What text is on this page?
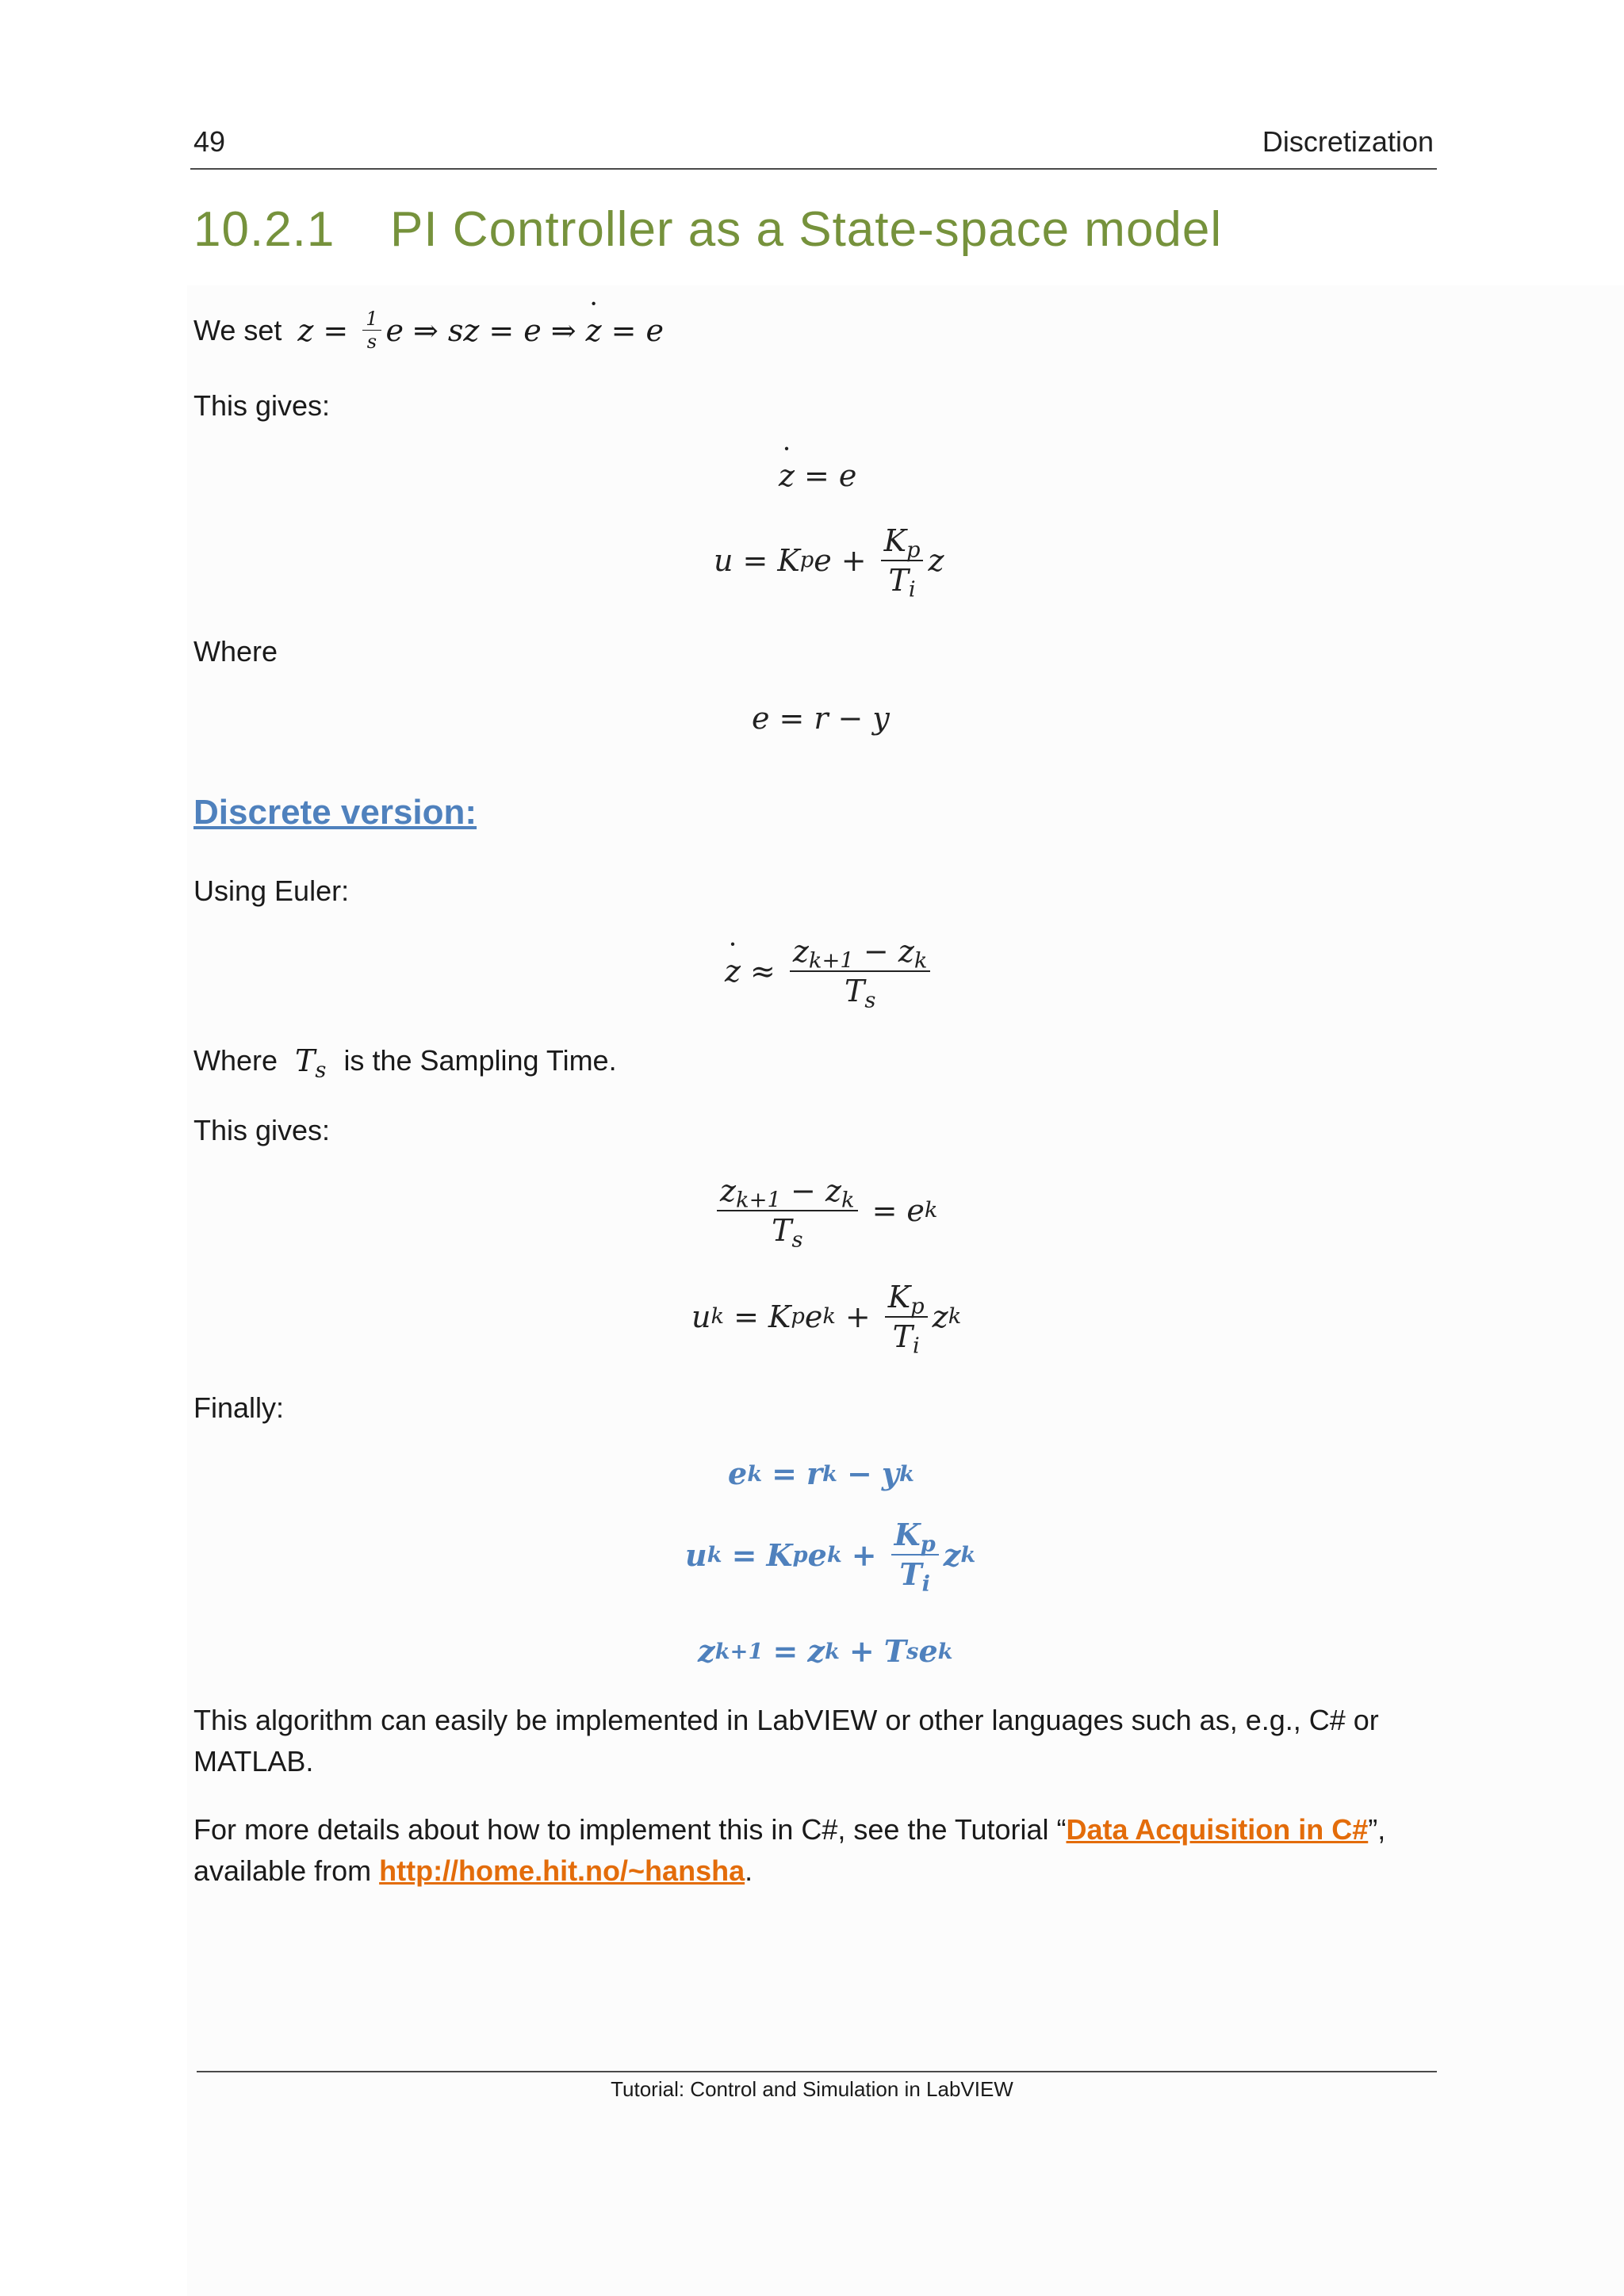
49	Discretization
10.2.1 PI Controller as a State-space model
We set $z = \frac{1}{s}$ e ⇒ sz = e ⇒
˙ z = e
This gives:
˙ z = e
u = K p $e + \frac{K_p}{T_i}$ z
Where
e = r − y
Discrete version:
Using Euler:
˙ $z \approx \frac{z_{k+1} - z_k}{T_s}$
Where $T_s$ is the Sampling Time.
This gives:
$\frac{z_{k+1} - z_k}{T_s} = e$ k
u k = K p e $k + \frac{K_p}{T_i}$ z k
Finally:
e k = r k − y k
u k = K p e $k + \frac{K_p}{T_i}$ z k
z k+1 = z k + T s e k
This algorithm can easily be implemented in LabVIEW or other languages such as, e.g., C# or
MATLAB.
For more details about how to implement this in C#, see the Tutorial “Data Acquisition in C#”,
available from http://home.hit.no/~hansha.
Tutorial: Control and Simulation in LabVIEW
